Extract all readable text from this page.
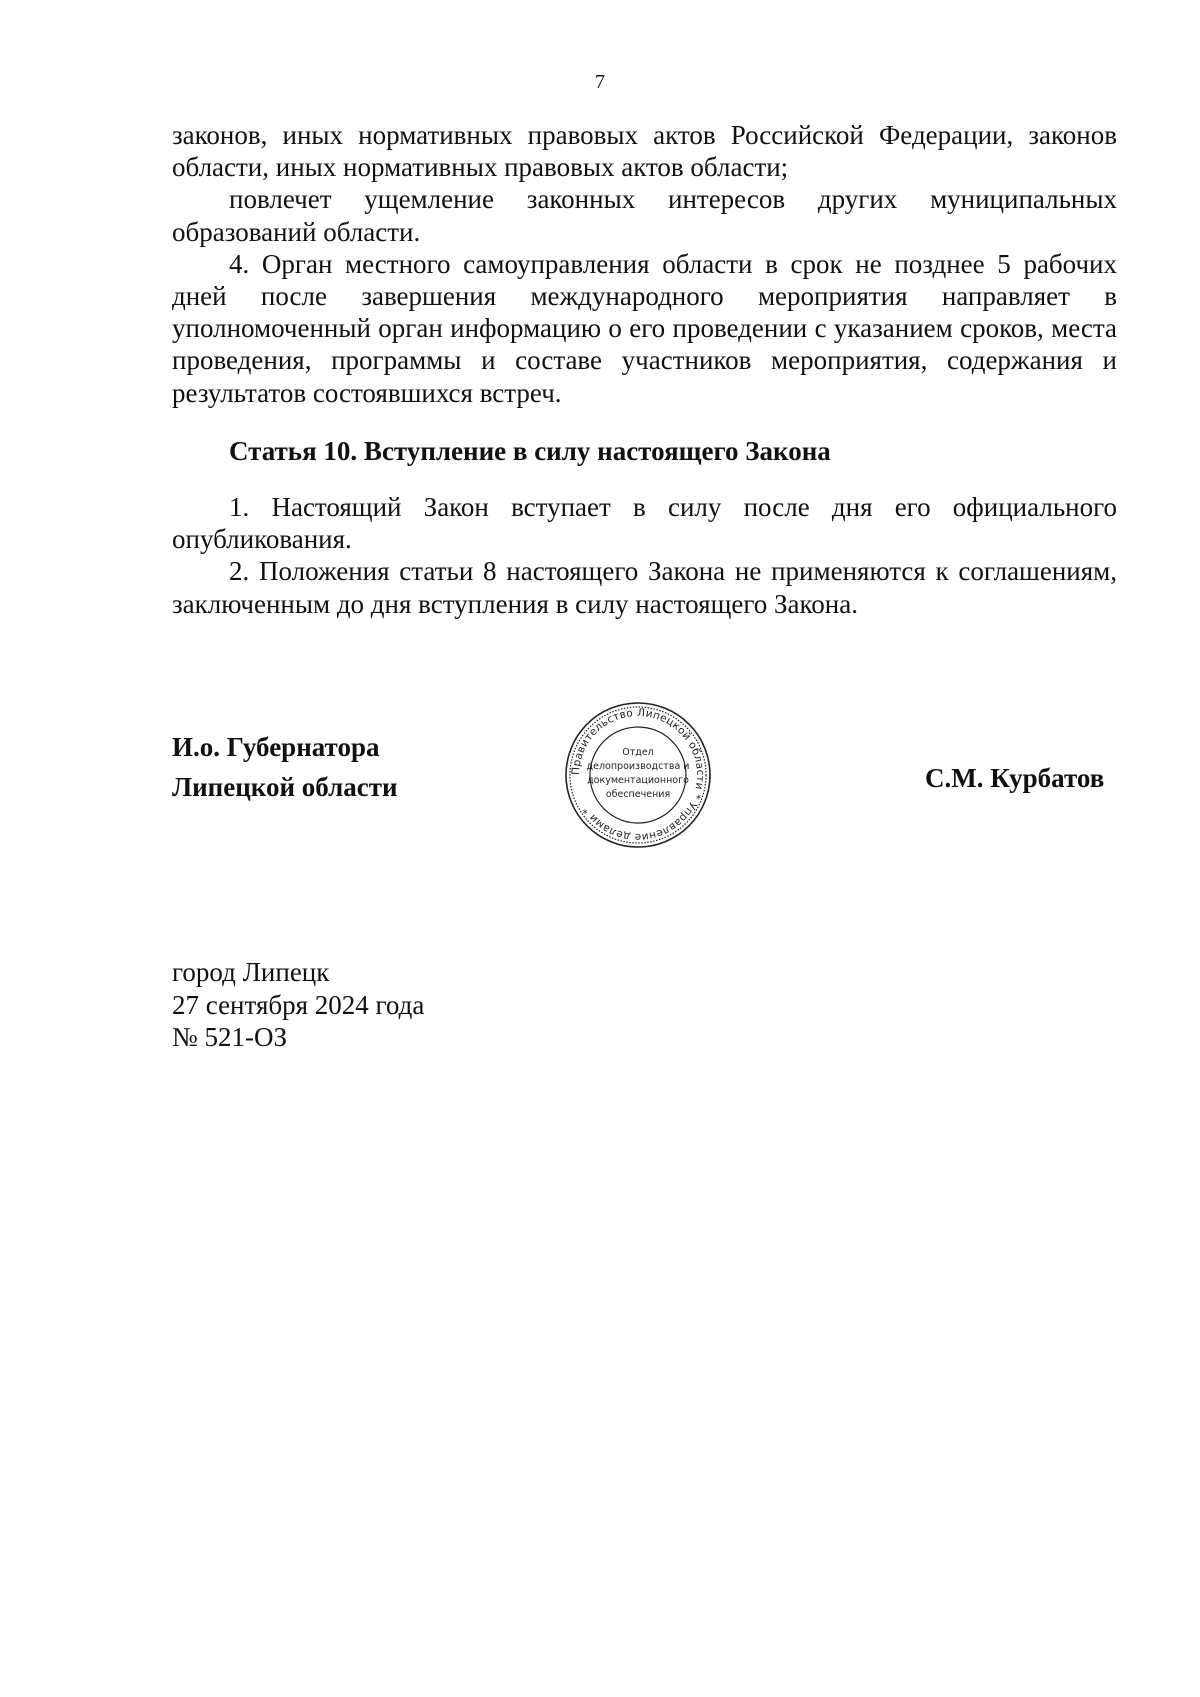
7

законов, иных нормативных правовых актов Российской Федерации, законов области, иных нормативных правовых актов области;

повлечет ущемление законных интересов других муниципальных образований области.

4. Орган местного самоуправления области в срок не позднее 5 рабочих дней после завершения международного мероприятия направляет в уполномоченный орган информацию о его проведении с указанием сроков, места проведения, программы и составе участников мероприятия, содержания и результатов состоявшихся встреч.

Статья 10. Вступление в силу настоящего Закона

1. Настоящий Закон вступает в силу после дня его официального опубликования.

2. Положения статьи 8 настоящего Закона не применяются к соглашениям, заключенным до дня вступления в силу настоящего Закона.

И.о. Губернатора
Липецкой области
Правительство Липецкой области * Управление делами *
Отдел
делопроизводства и
документационного
обеспечения
С.М. Курбатов
город Липецк
27 сентября 2024 года
№ 521-ОЗ
